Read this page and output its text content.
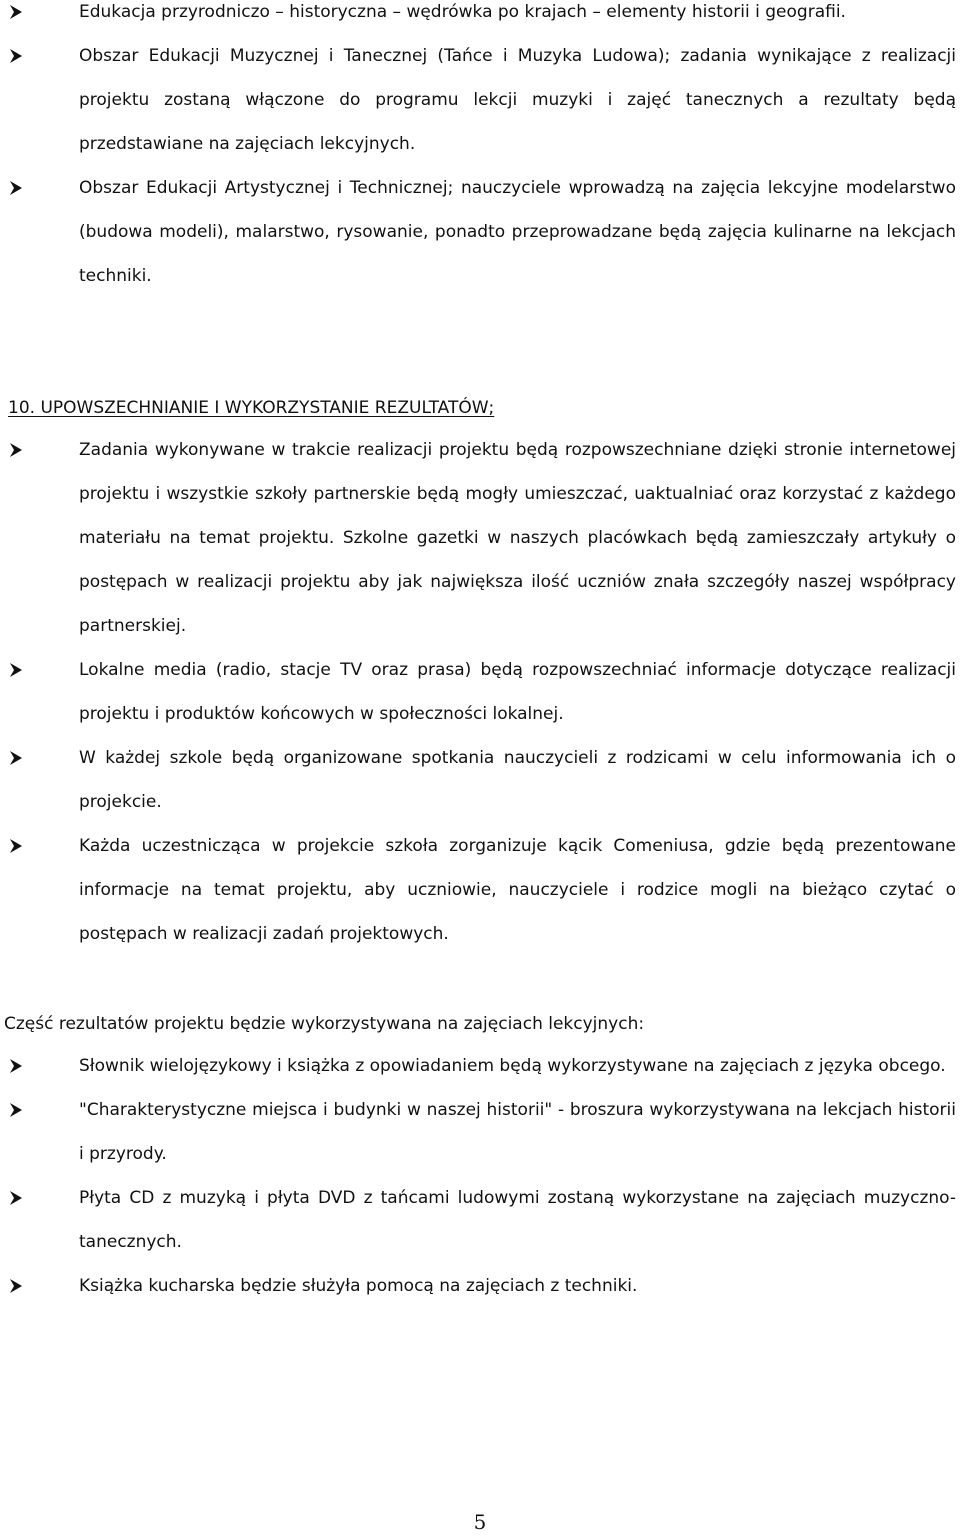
Edukacja przyrodniczo – historyczna – wędrówka po krajach – elementy historii i geografii.
Obszar Edukacji Muzycznej i Tanecznej (Tańce i Muzyka Ludowa); zadania wynikające z realizacji projektu zostaną włączone do programu lekcji muzyki i zajęć tanecznych a rezultaty będą przedstawiane na zajęciach lekcyjnych.
Obszar Edukacji Artystycznej i Technicznej; nauczyciele wprowadzą na zajęcia lekcyjne modelarstwo (budowa modeli), malarstwo, rysowanie, ponadto przeprowadzane będą zajęcia kulinarne na lekcjach techniki.
10. UPOWSZECHNIANIE I WYKORZYSTANIE REZULTATÓW;
Zadania wykonywane w trakcie realizacji projektu będą rozpowszechniane dzięki stronie internetowej projektu i wszystkie szkoły partnerskie będą mogły umieszczać, uaktualniać oraz korzystać z każdego materiału na temat projektu. Szkolne gazetki w naszych placówkach będą zamieszczały artykuły o postępach w realizacji projektu aby jak największa ilość uczniów znała szczegóły naszej współpracy partnerskiej.
Lokalne media (radio, stacje TV oraz prasa) będą rozpowszechniać informacje dotyczące realizacji projektu i produktów końcowych w społeczności lokalnej.
W każdej szkole będą organizowane spotkania nauczycieli z rodzicami w celu informowania ich o projekcie.
Każda uczestnicząca w projekcie szkoła zorganizuje kącik Comeniusa, gdzie będą prezentowane informacje na temat projektu, aby uczniowie, nauczyciele i rodzice mogli na bieżąco czytać o postępach w realizacji zadań projektowych.

Część rezultatów projektu będzie wykorzystywana na zajęciach lekcyjnych:

Słownik wielojęzykowy i książka z opowiadaniem będą wykorzystywane na zajęciach z języka obcego.
"Charakterystyczne miejsca i budynki w naszej historii" - broszura wykorzystywana na lekcjach historii i przyrody.
Płyta CD z muzyką i płyta DVD z tańcami ludowymi zostaną wykorzystane na zajęciach muzyczno-tanecznych.
Książka kucharska będzie służyła pomocą na zajęciach z techniki.
5
